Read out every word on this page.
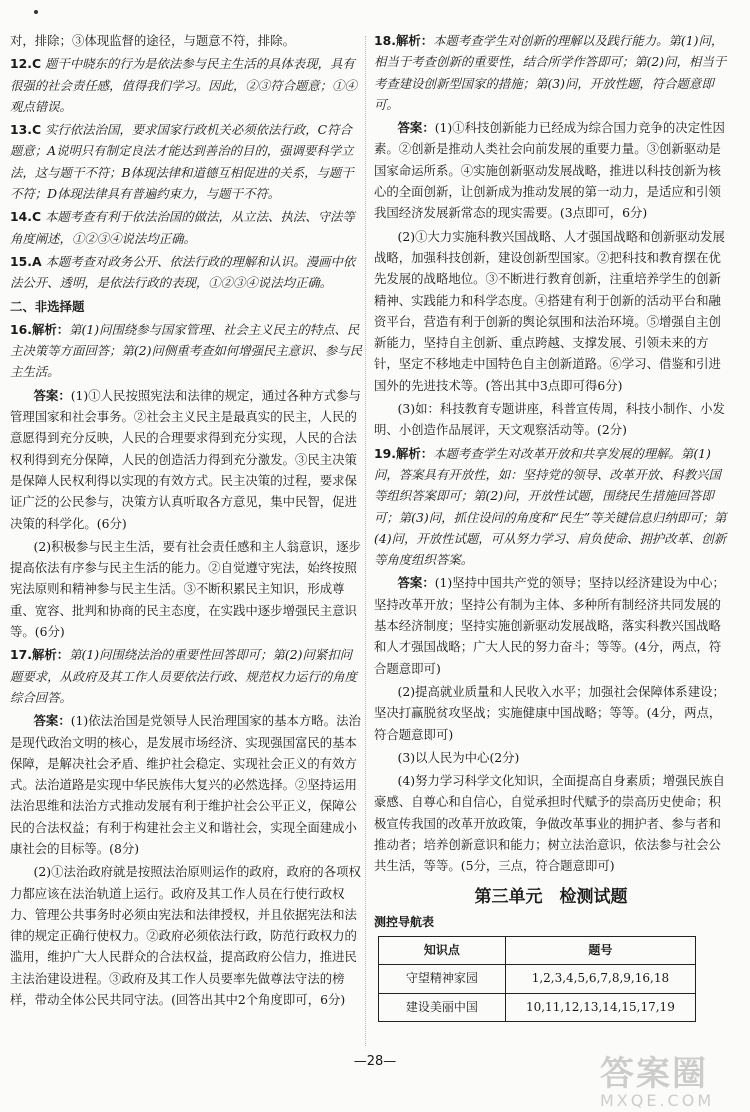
对，排除；③体现监督的途径，与题意不符，排除。

12.C 题干中晓东的行为是依法参与民主生活的具体表现，具有很强的社会责任感，值得我们学习。因此，②③符合题意；①④观点错误。

13.C 实行依法治国，要求国家行政机关必须依法行政，C符合题意；A说明只有制定良法才能达到善治的目的，强调要科学立法，这与题干不符；B体现法律和道德互相促进的关系，与题干不符；D体现法律具有普遍约束力，与题干不符。

14.C 本题考查有利于依法治国的做法，从立法、执法、守法等角度阐述，①②③④说法均正确。

15.A 本题考查对政务公开、依法行政的理解和认识。漫画中依法公开、透明，是依法行政的表现，①②③④说法均正确。

二、非选择题

16.解析：第(1)问围绕参与国家管理、社会主义民主的特点、民主决策等方面回答；第(2)问侧重考查如何增强民主意识、参与民主生活。

答案：(1)①人民按照宪法和法律的规定，通过各种方式参与管理国家和社会事务。②社会主义民主是最真实的民主，人民的意愿得到充分反映，人民的合理要求得到充分实现，人民的合法权利得到充分保障，人民的创造活力得到充分激发。③民主决策是保障人民权利得以实现的有效方式。民主决策的过程，要求保证广泛的公民参与，决策方认真听取各方意见，集中民智，促进决策的科学化。(6分)

(2)积极参与民主生活，要有社会责任感和主人翁意识，逐步提高依法有序参与民主生活的能力。②自觉遵守宪法，始终按照宪法原则和精神参与民主生活。③不断积累民主知识，形成尊重、宽容、批判和协商的民主态度，在实践中逐步增强民主意识等。(6分)

17.解析：第(1)问围绕法治的重要性回答即可；第(2)问紧扣问题要求，从政府及其工作人员要依法行政、规范权力运行的角度综合回答。

答案：(1)依法治国是党领导人民治理国家的基本方略。法治是现代政治文明的核心，是发展市场经济、实现强国富民的基本保障，是解决社会矛盾、维护社会稳定、实现社会正义的有效方式。法治道路是实现中华民族伟大复兴的必然选择。②坚持运用法治思维和法治方式推动发展有利于维护社会公平正义，保障公民的合法权益；有利于构建社会主义和谐社会，实现全面建成小康社会的目标等。(8分)

(2)①法治政府就是按照法治原则运作的政府，政府的各项权力都应该在法治轨道上运行。政府及其工作人员在行使行政权力、管理公共事务时必须由宪法和法律授权，并且依据宪法和法律的规定正确行使权力。②政府必须依法行政，防范行政权力的滥用，维护广大人民群众的合法权益，提高政府公信力，推进民主法治建设进程。③政府及其工作人员要率先做尊法守法的榜样，带动全体公民共同守法。(回答出其中2个角度即可，6分)

18.解析：本题考查学生对创新的理解以及践行能力。第(1)问，相当于考查创新的重要性，结合所学作答即可；第(2)问，相当于考查建设创新型国家的措施；第(3)问，开放性题，符合题意即可。

答案：(1)①科技创新能力已经成为综合国力竞争的决定性因素。②创新是推动人类社会向前发展的重要力量。③创新驱动是国家命运所系。④实施创新驱动发展战略，推进以科技创新为核心的全面创新，让创新成为推动发展的第一动力，是适应和引领我国经济发展新常态的现实需要。(3点即可，6分)

(2)①大力实施科教兴国战略、人才强国战略和创新驱动发展战略，加强科技创新，建设创新型国家。②把科技和教育摆在优先发展的战略地位。③不断进行教育创新，注重培养学生的创新精神、实践能力和科学态度。④搭建有利于创新的活动平台和融资平台，营造有利于创新的舆论氛围和法治环境。⑤增强自主创新能力，坚持自主创新、重点跨越、支撑发展、引领未来的方针，坚定不移地走中国特色自主创新道路。⑥学习、借鉴和引进国外的先进技术等。(答出其中3点即可得6分)

(3)如：科技教育专题讲座，科普宣传周，科技小制作、小发明、小创造作品展评，天文观察活动等。(2分)

19.解析：本题考查学生对改革开放和共享发展的理解。第(1)问，答案具有开放性，如：坚持党的领导、改革开放、科教兴国等组织答案即可；第(2)问，开放性试题，围绕民生措施回答即可；第(3)问，抓住设问的角度和“民生”等关键信息归纳即可；第(4)问，开放性试题，可从努力学习、肩负使命、拥护改革、创新等角度组织答案。

答案：(1)坚持中国共产党的领导；坚持以经济建设为中心；坚持改革开放；坚持公有制为主体、多种所有制经济共同发展的基本经济制度；坚持实施创新驱动发展战略，落实科教兴国战略和人才强国战略；广大人民的努力奋斗；等等。(4分，两点，符合题意即可)

(2)提高就业质量和人民收入水平；加强社会保障体系建设；坚决打赢脱贫攻坚战；实施健康中国战略；等等。(4分，两点，符合题意即可)

(3)以人民为中心(2分)

(4)努力学习科学文化知识，全面提高自身素质；增强民族自豪感、自尊心和自信心，自觉承担时代赋予的崇高历史使命；积极宣传我国的改革开放政策，争做改革事业的拥护者、参与者和推动者；培养创新意识和能力；树立法治意识，依法参与社会公共生活，等等。(5分，三点，符合题意即可)

第三单元　检测试题
测控导航表
知识点	题号
守望精神家园	1,2,3,4,5,6,7,8,9,16,18
建设美丽中国	10,11,12,13,14,15,17,19
—28—	答案圈
MXQE.COM
